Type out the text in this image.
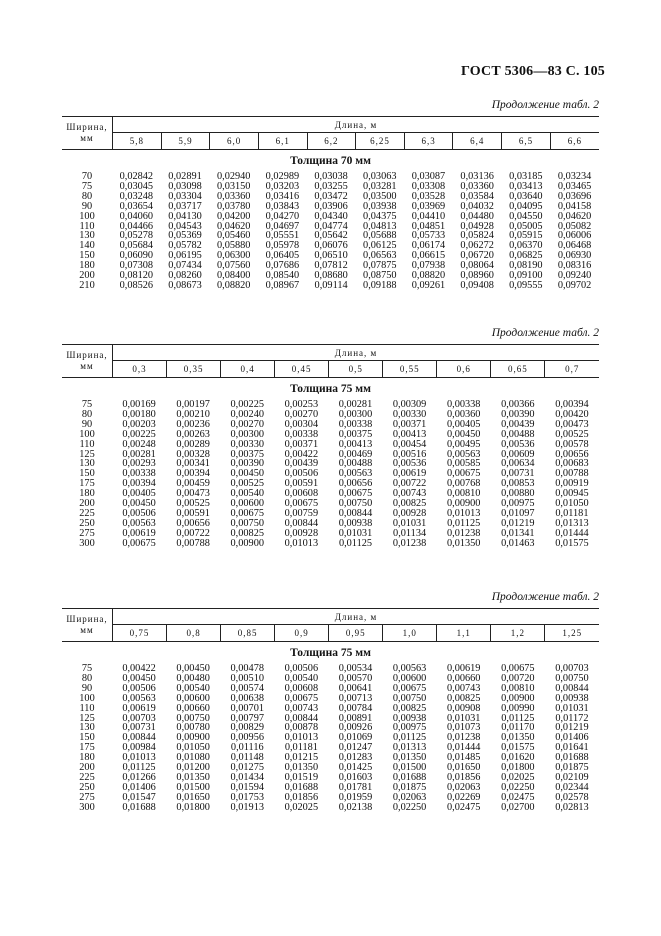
ГОСТ 5306—83 С. 105
Продолжение табл. 2
Ширина, мм	Длина, м									
	5,8	5,9	6,0	6,1	6,2	6,25	6,3	6,4	6,5	6,6
Толщина 70 мм
70	0,02842	0,02891	0,02940	0,02989	0,03038	0,03063	0,03087	0,03136	0,03185	0,03234
75	0,03045	0,03098	0,03150	0,03203	0,03255	0,03281	0,03308	0,03360	0,03413	0,03465
80	0,03248	0,03304	0,03360	0,03416	0,03472	0,03500	0,03528	0,03584	0,03640	0,03696
90	0,03654	0,03717	0,03780	0,03843	0,03906	0,03938	0,03969	0,04032	0,04095	0,04158
100	0,04060	0,04130	0,04200	0,04270	0,04340	0,04375	0,04410	0,04480	0,04550	0,04620
110	0,04466	0,04543	0,04620	0,04697	0,04774	0,04813	0,04851	0,04928	0,05005	0,05082
130	0,05278	0,05369	0,05460	0,05551	0,05642	0,05688	0,05733	0,05824	0,05915	0,06006
140	0,05684	0,05782	0,05880	0,05978	0,06076	0,06125	0,06174	0,06272	0,06370	0,06468
150	0,06090	0,06195	0,06300	0,06405	0,06510	0,06563	0,06615	0,06720	0,06825	0,06930
180	0,07308	0,07434	0,07560	0,07686	0,07812	0,07875	0,07938	0,08064	0,08190	0,08316
200	0,08120	0,08260	0,08400	0,08540	0,08680	0,08750	0,08820	0,08960	0,09100	0,09240
210	0,08526	0,08673	0,08820	0,08967	0,09114	0,09188	0,09261	0,09408	0,09555	0,09702
Продолжение табл. 2
Ширина, мм	Длина, м								
	0,3	0,35	0,4	0,45	0,5	0,55	0,6	0,65	0,7
Толщина 75 мм
75	0,00169	0,00197	0,00225	0,00253	0,00281	0,00309	0,00338	0,00366	0,00394
80	0,00180	0,00210	0,00240	0,00270	0,00300	0,00330	0,00360	0,00390	0,00420
90	0,00203	0,00236	0,00270	0,00304	0,00338	0,00371	0,00405	0,00439	0,00473
100	0,00225	0,00263	0,00300	0,00338	0,00375	0,00413	0,00450	0,00488	0,00525
110	0,00248	0,00289	0,00330	0,00371	0,00413	0,00454	0,00495	0,00536	0,00578
125	0,00281	0,00328	0,00375	0,00422	0,00469	0,00516	0,00563	0,00609	0,00656
130	0,00293	0,00341	0,00390	0,00439	0,00488	0,00536	0,00585	0,00634	0,00683
150	0,00338	0,00394	0,00450	0,00506	0,00563	0,00619	0,00675	0,00731	0,00788
175	0,00394	0,00459	0,00525	0,00591	0,00656	0,00722	0,00768	0,00853	0,00919
180	0,00405	0,00473	0,00540	0,00608	0,00675	0,00743	0,00810	0,00880	0,00945
200	0,00450	0,00525	0,00600	0,00675	0,00750	0,00825	0,00900	0,00975	0,01050
225	0,00506	0,00591	0,00675	0,00759	0,00844	0,00928	0,01013	0,01097	0,01181
250	0,00563	0,00656	0,00750	0,00844	0,00938	0,01031	0,01125	0,01219	0,01313
275	0,00619	0,00722	0,00825	0,00928	0,01031	0,01134	0,01238	0,01341	0,01444
300	0,00675	0,00788	0,00900	0,01013	0,01125	0,01238	0,01350	0,01463	0,01575
Продолжение табл. 2
Ширина, мм	Длина, м								
	0,75	0,8	0,85	0,9	0,95	1,0	1,1	1,2	1,25
Толщина 75 мм
75	0,00422	0,00450	0,00478	0,00506	0,00534	0,00563	0,00619	0,00675	0,00703
80	0,00450	0,00480	0,00510	0,00540	0,00570	0,00600	0,00660	0,00720	0,00750
90	0,00506	0,00540	0,00574	0,00608	0,00641	0,00675	0,00743	0,00810	0,00844
100	0,00563	0,00600	0,00638	0,00675	0,00713	0,00750	0,00825	0,00900	0,00938
110	0,00619	0,00660	0,00701	0,00743	0,00784	0,00825	0,00908	0,00990	0,01031
125	0,00703	0,00750	0,00797	0,00844	0,00891	0,00938	0,01031	0,01125	0,01172
130	0,00731	0,00780	0,00829	0,00878	0,00926	0,00975	0,01073	0,01170	0,01219
150	0,00844	0,00900	0,00956	0,01013	0,01069	0,01125	0,01238	0,01350	0,01406
175	0,00984	0,01050	0,01116	0,01181	0,01247	0,01313	0,01444	0,01575	0,01641
180	0,01013	0,01080	0,01148	0,01215	0,01283	0,01350	0,01485	0,01620	0,01688
200	0,01125	0,01200	0,01275	0,01350	0,01425	0,01500	0,01650	0,01800	0,01875
225	0,01266	0,01350	0,01434	0,01519	0,01603	0,01688	0,01856	0,02025	0,02109
250	0,01406	0,01500	0,01594	0,01688	0,01781	0,01875	0,02063	0,02250	0,02344
275	0,01547	0,01650	0,01753	0,01856	0,01959	0,02063	0,02269	0,02475	0,02578
300	0,01688	0,01800	0,01913	0,02025	0,02138	0,02250	0,02475	0,02700	0,02813
